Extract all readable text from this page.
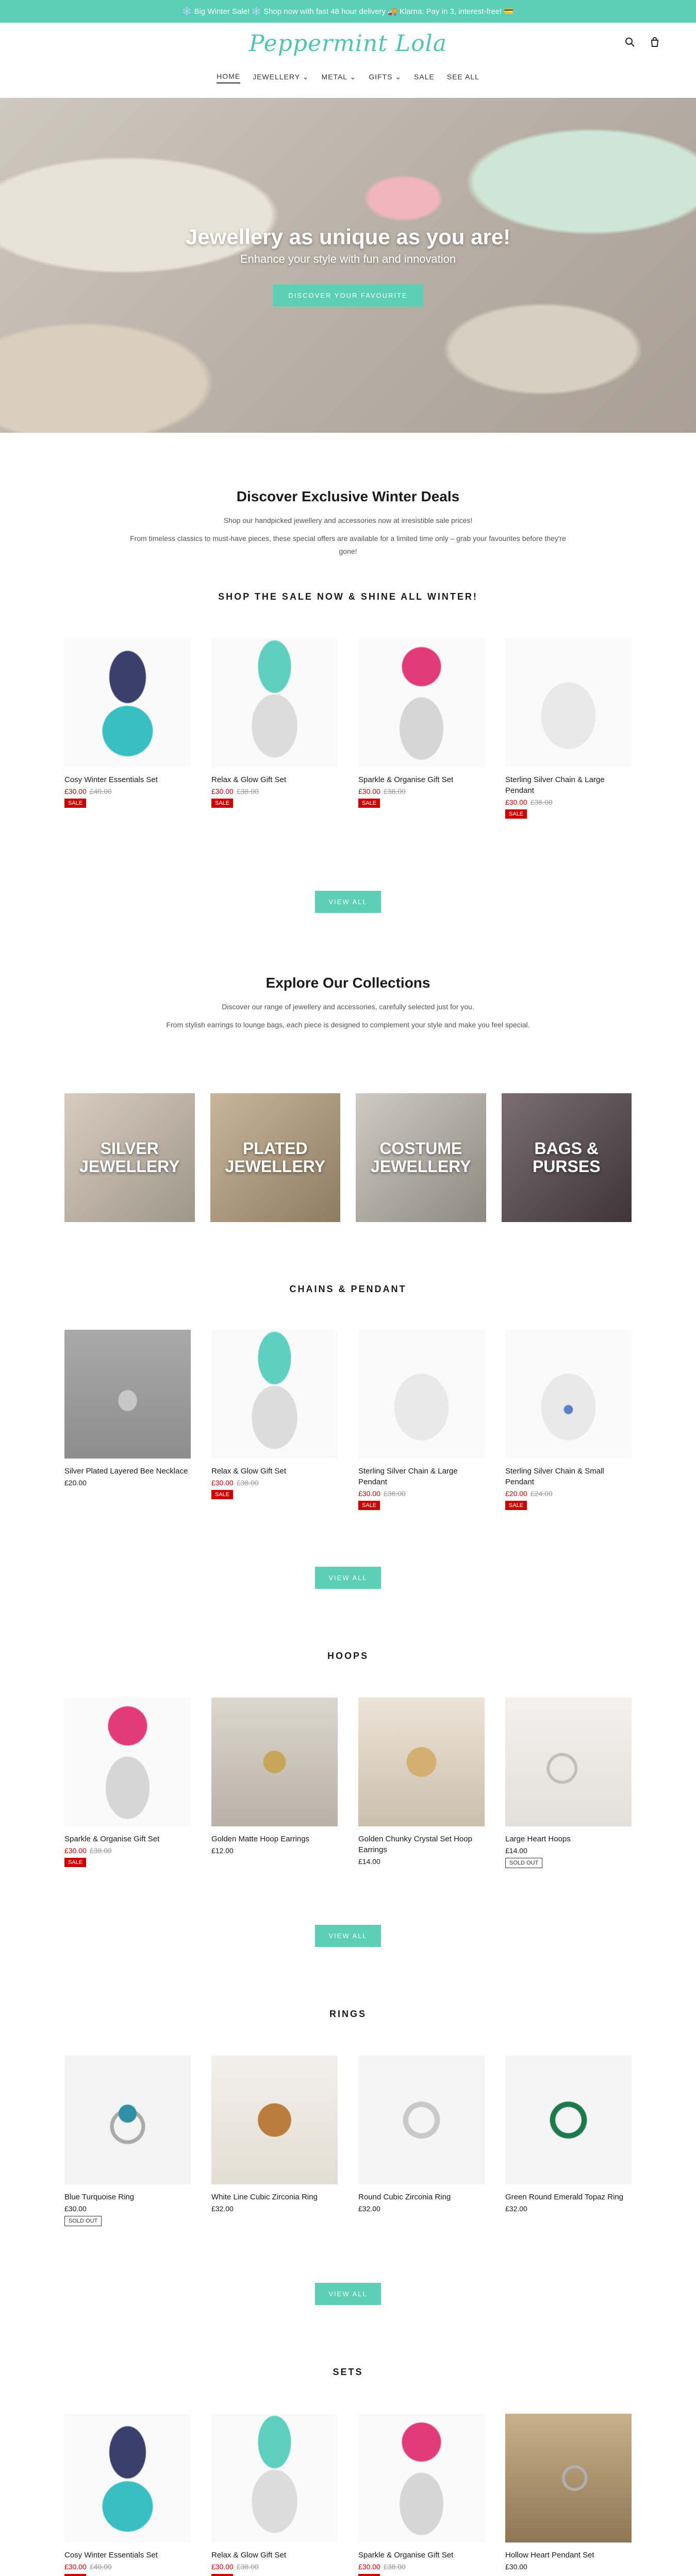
❄️ Big Winter Sale! ❄️ Shop now with fast 48 hour delivery 🚚 Klarna: Pay in 3, interest-free! 💳
Peppermint Lola
HOME JEWELLERY ⌄ METAL ⌄ GIFTS ⌄ SALE SEE ALL
Jewellery as unique as you are!

Enhance your style with fun and innovation

DISCOVER YOUR FAVOURITE
Discover Exclusive Winter Deals

Shop our handpicked jewellery and accessories now at irresistible sale prices!

From timeless classics to must-have pieces, these special offers are available for a limited time only – grab your favourites before they're gone!

SHOP THE SALE NOW & SHINE ALL WINTER!
Cosy Winter Essentials Set
£30.00 £40.00
SALE
Relax & Glow Gift Set
£30.00 £38.00
SALE
Sparkle & Organise Gift Set
£30.00 £38.00
SALE
Sterling Silver Chain & Large Pendant
£30.00 £36.00
SALE
VIEW ALL
Explore Our Collections

Discover our range of jewellery and accessories, carefully selected just for you.

From stylish earrings to lounge bags, each piece is designed to complement your style and make you feel special.

SILVER JEWELLERY
PLATED JEWELLERY
COSTUME JEWELLERY
BAGS & PURSES
CHAINS & PENDANT
Silver Plated Layered Bee Necklace
£20.00
Relax & Glow Gift Set
£30.00 £38.00
SALE
Sterling Silver Chain & Large Pendant
£30.00 £36.00
SALE
Sterling Silver Chain & Small Pendant
£20.00 £24.00
SALE
VIEW ALL
HOOPS
Sparkle & Organise Gift Set
£30.00 £38.00
SALE
Golden Matte Hoop Earrings
£12.00
Golden Chunky Crystal Set Hoop Earrings
£14.00
Large Heart Hoops
£14.00
SOLD OUT
VIEW ALL
RINGS
Blue Turquoise Ring
£30.00
SOLD OUT
White Line Cubic Zirconia Ring
£32.00
Round Cubic Zirconia Ring
£32.00
Green Round Emerald Topaz Ring
£32.00
VIEW ALL
SETS
Cosy Winter Essentials Set
£30.00 £40.00
Relax & Glow Gift Set
£30.00 £38.00
Sparkle & Organise Gift Set
£30.00 £38.00
Hollow Heart Pendant Set
£30.00
